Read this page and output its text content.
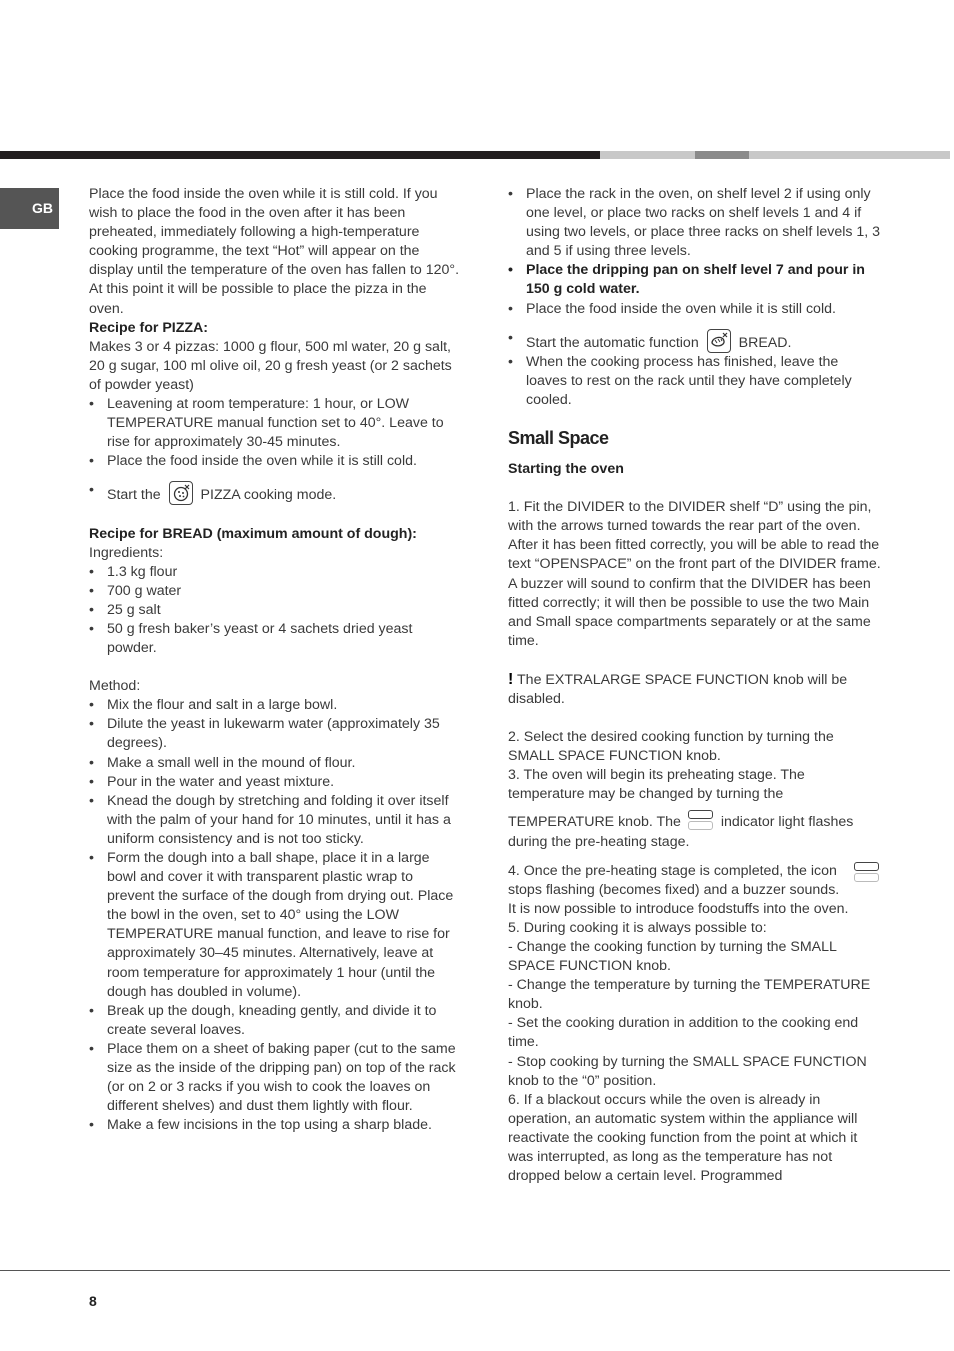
GB

Place the food inside the oven while it is still cold. If you wish to place the food in the oven after it has been preheated, immediately following a high-temperature cooking programme, the text “Hot” will appear on the display until the temperature of the oven has fallen to 120°. At this point it will be possible to place the pizza in the oven.

Recipe for PIZZA:

Makes 3 or 4 pizzas: 1000 g flour, 500 ml water, 20 g salt, 20 g sugar, 100 ml olive oil, 20 g fresh yeast (or 2 sachets of powder yeast)

• Leavening at room temperature: 1 hour, or LOW TEMPERATURE manual function set to 40°. Leave to rise for approximately 30-45 minutes.
• Place the food inside the oven while it is still cold.
• Start the	PIZZA cooking mode.

Recipe for BREAD (maximum amount of dough):

Ingredients:

• 1.3 kg flour
• 700 g water
• 25 g salt
• 50 g fresh baker’s yeast or 4 sachets dried yeast powder.

Method:

• Mix the flour and salt in a large bowl.
• Dilute the yeast in lukewarm water (approximately 35 degrees).
• Make a small well in the mound of flour.
• Pour in the water and yeast mixture.
• Knead the dough by stretching and folding it over itself with the palm of your hand for 10 minutes, until it has a uniform consistency and is not too sticky.
• Form the dough into a ball shape, place it in a large bowl and cover it with transparent plastic wrap to prevent the surface of the dough from drying out. Place the bowl in the oven, set to 40° using the LOW TEMPERATURE manual function, and leave to rise for approximately 30–45 minutes. Alternatively, leave at room temperature for approximately 1 hour (until the dough has doubled in volume).
• Break up the dough, kneading gently, and divide it to create several loaves.
• Place them on a sheet of baking paper (cut to the same size as the inside of the dripping pan) on top of the rack (or on 2 or 3 racks if you wish to cook the loaves on different shelves) and dust them lightly with flour.
• Make a few incisions in the top using a sharp blade.
• Place the rack in the oven, on shelf level 2 if using only one level, or place two racks on shelf levels 1 and 4 if using two levels, or place three racks on shelf levels 1, 3 and 5 if using three levels.
• Place the dripping pan on shelf level 7 and pour in 150 g cold water.
• Place the food inside the oven while it is still cold.
• Start the automatic function	BREAD.
• When the cooking process has finished, leave the loaves to rest on the rack until they have completely cooled.
Small Space

Starting the oven

1. Fit the DIVIDER to the DIVIDER shelf “D” using the pin, with the arrows turned towards the rear part of the oven. After it has been fitted correctly, you will be able to read the text “OPENSPACE” on the front part of the DIVIDER frame. A buzzer will sound to confirm that the DIVIDER has been fitted correctly; it will then be possible to use the two Main and Small space compartments separately or at the same time.

! The EXTRALARGE SPACE FUNCTION knob will be disabled.

2. Select the desired cooking function by turning the SMALL SPACE FUNCTION knob.

3. The oven will begin its preheating stage. The temperature may be changed by turning the

TEMPERATURE knob. The	indicator light flashes during the pre-heating stage.

4. Once the pre-heating stage is completed, the icon stops flashing (becomes fixed) and a buzzer sounds. It is now possible to introduce foodstuffs into the oven.

5. During cooking it is always possible to:

- Change the cooking function by turning the SMALL SPACE FUNCTION knob.

- Change the temperature by turning the TEMPERATURE knob.

- Set the cooking duration in addition to the cooking end time.

- Stop cooking by turning the SMALL SPACE FUNCTION knob to the “0” position.

6. If a blackout occurs while the oven is already in operation, an automatic system within the appliance will reactivate the cooking function from the point at which it was interrupted, as long as the temperature has not dropped below a certain level. Programmed

8
